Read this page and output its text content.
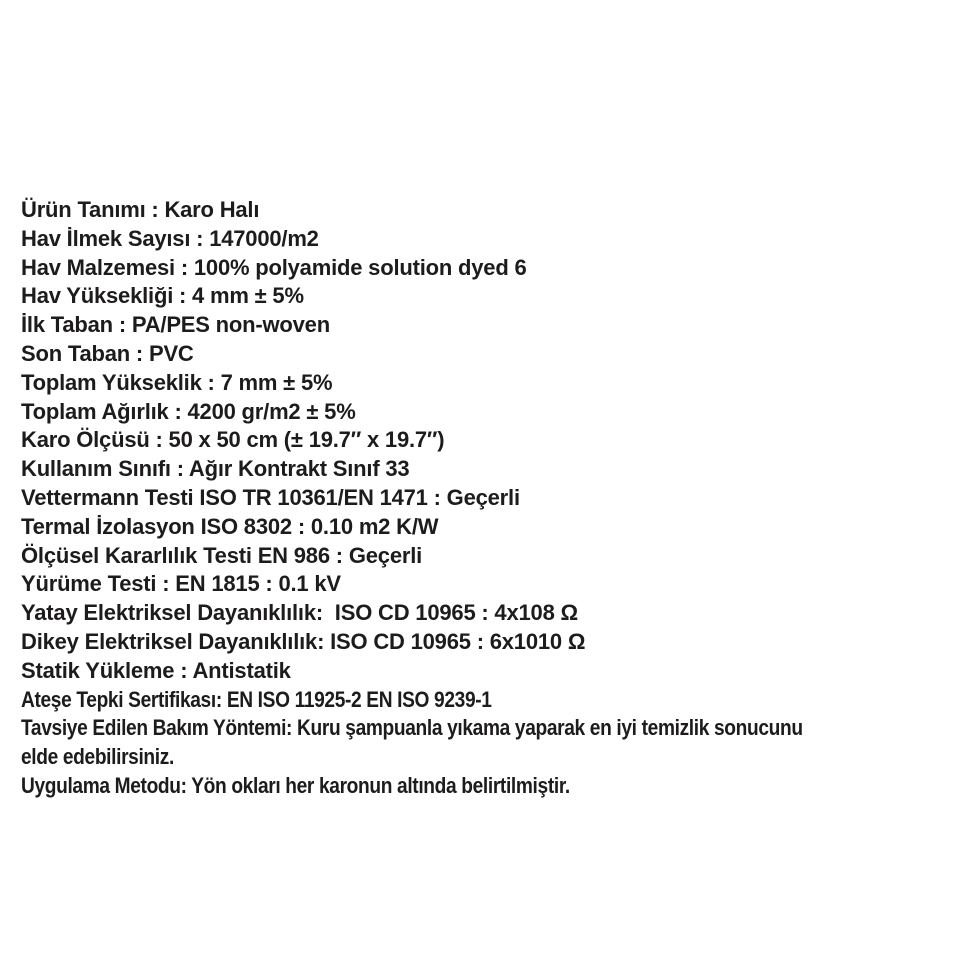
Ürün Tanımı : Karo Halı

Hav İlmek Sayısı : 147000/m2

Hav Malzemesi : 100% polyamide solution dyed 6

Hav Yüksekliği : 4 mm ± 5%

İlk Taban : PA/PES non-woven

Son Taban : PVC

Toplam Yükseklik : 7 mm ± 5%

Toplam Ağırlık : 4200 gr/m2 ± 5%

Karo Ölçüsü : 50 x 50 cm (± 19.7″ x 19.7″)

Kullanım Sınıfı : Ağır Kontrakt Sınıf 33

Vettermann Testi ISO TR 10361/EN 1471 : Geçerli

Termal İzolasyon ISO 8302 : 0.10 m2 K/W

Ölçüsel Kararlılık Testi EN 986 : Geçerli

Yürüme Testi : EN 1815 : 0.1 kV

Yatay Elektriksel Dayanıklılık:  ISO CD 10965 : 4x108 Ω

Dikey Elektriksel Dayanıklılık: ISO CD 10965 : 6x1010 Ω

Statik Yükleme : Antistatik

Ateşe Tepki Sertifikası: EN ISO 11925-2 EN ISO 9239-1

Tavsiye Edilen Bakım Yöntemi: Kuru şampuanla yıkama yaparak en iyi temizlik sonucunu

elde edebilirsiniz.

Uygulama Metodu: Yön okları her karonun altında belirtilmiştir.
